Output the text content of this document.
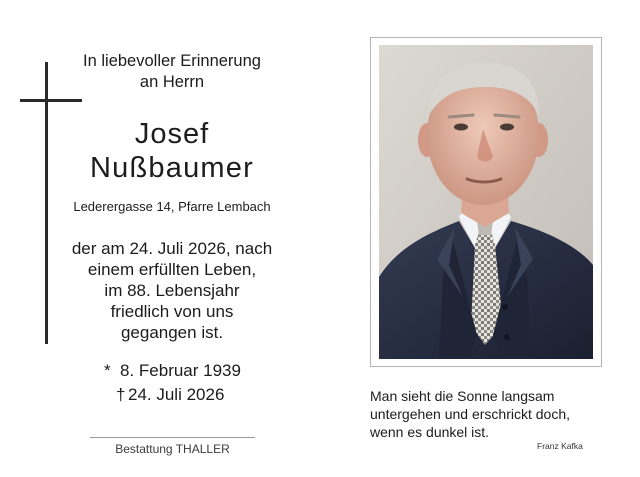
In liebevoller Erinnerung
an Herrn
Josef
Nußbaumer
Lederergasse 14, Pfarre Lembach
der am 24. Juli 2026, nach
einem erfüllten Leben,
im 88. Lebensjahr
friedlich von uns
gegangen ist.
* 8. Februar 1939
† 24. Juli 2026
Bestattung THALLER
Man sieht die Sonne langsam
untergehen und erschrickt doch,
wenn es dunkel ist.
Franz Kafka
